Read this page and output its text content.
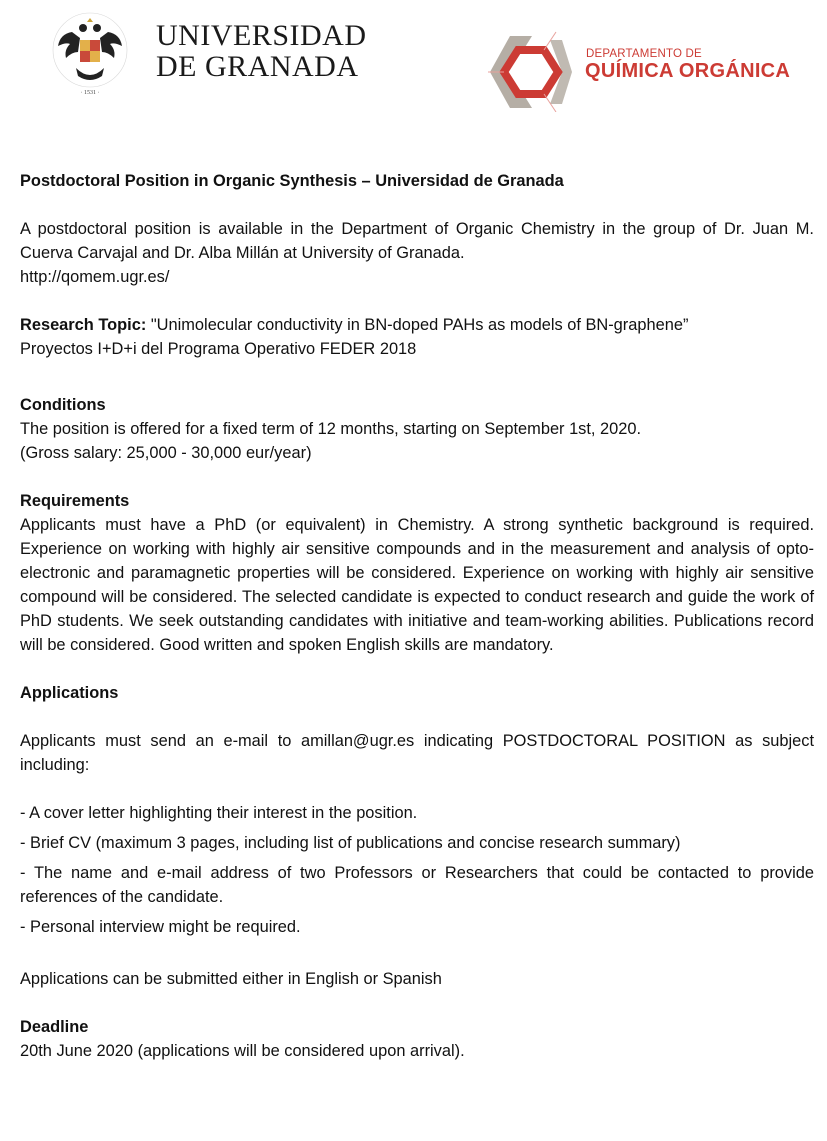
· 1531 ·
UNIVERSIDAD
DE GRANADA	DEPARTAMENTO DE
QUÍMICA ORGÁNICA

Postdoctoral Position in Organic Synthesis – Universidad de Granada

A postdoctoral position is available in the Department of Organic Chemistry in the group of Dr. Juan M. Cuerva Carvajal and Dr. Alba Millán at University of Granada.

http://qomem.ugr.es/

Research Topic: "Unimolecular conductivity in BN-doped PAHs as models of BN-graphene”

Proyectos I+D+i del Programa Operativo FEDER 2018

Conditions

The position is offered for a fixed term of 12 months, starting on September 1st, 2020.

(Gross salary: 25,000 - 30,000 eur/year)

Requirements

Applicants must have a PhD (or equivalent) in Chemistry. A strong synthetic background is required. Experience on working with highly air sensitive compounds and in the measurement and analysis of opto-electronic and paramagnetic properties will be considered. Experience on working with highly air sensitive compound will be considered. The selected candidate is expected to conduct research and guide the work of PhD students. We seek outstanding candidates with initiative and team-working abilities. Publications record will be considered. Good written and spoken English skills are mandatory.

Applications

Applicants must send an e-mail to amillan@ugr.es indicating POSTDOCTORAL POSITION as subject including:

- A cover letter highlighting their interest in the position.

- Brief CV (maximum 3 pages, including list of publications and concise research summary)

- The name and e-mail address of two Professors or Researchers that could be contacted to provide references of the candidate.

- Personal interview might be required.

Applications can be submitted either in English or Spanish

Deadline

20th June 2020 (applications will be considered upon arrival).
